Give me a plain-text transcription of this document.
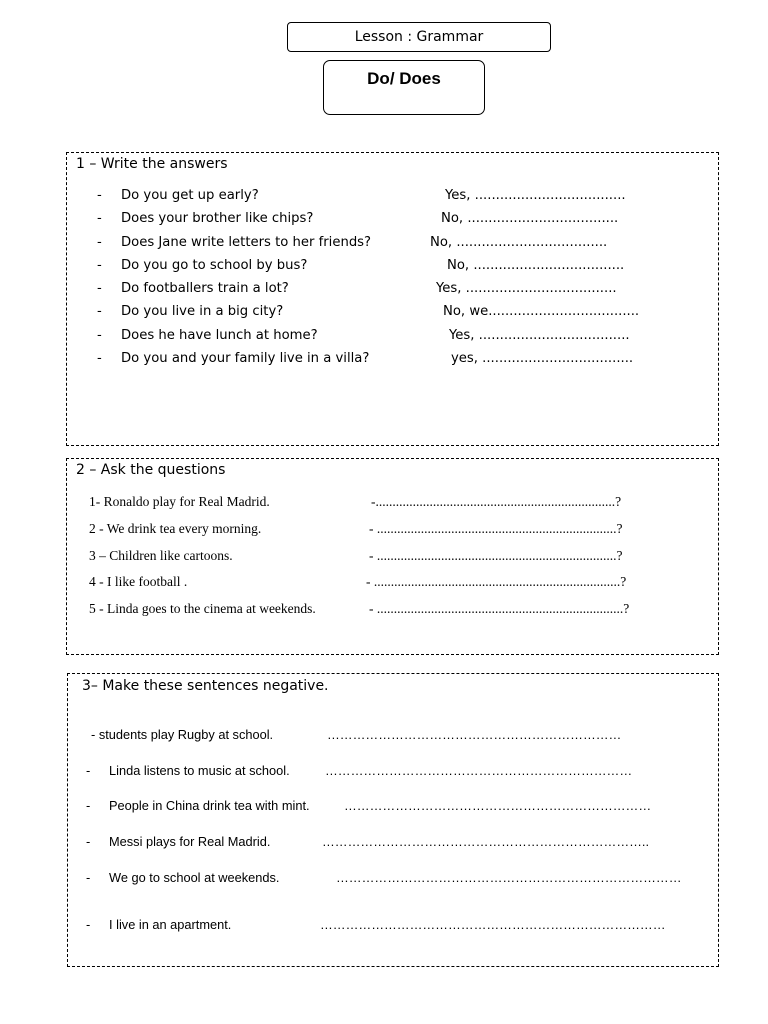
Lesson : Grammar
Do/ Does
1 – Write the answers
- Do you get up early?	Yes, ....................................
- Does your brother like chips?	No, ....................................
- Does Jane write letters to her friends?	No, ....................................
- Do you go to school by bus?	No, ....................................
- Do footballers train a lot?	Yes, ....................................
- Do you live in a big city?	No, we....................................
- Does he have lunch at home?	Yes, ....................................
- Do you and your family live in a villa?	yes, ....................................
2 – Ask the questions
1- Ronaldo play for Real Madrid.	-.......................................................................?
2 - We drink tea every morning.	- .......................................................................?
3 – Children like cartoons.	- .......................................................................?
4 - I like football .	- .........................................................................?
5 - Linda goes to the cinema at weekends.	- .........................................................................?
3– Make these sentences negative.
- students play Rugby at school.	……………………………………………………………
- Linda listens to music at school.	………………………………………………………………
- People in China drink tea with mint.	………………………………………………………………
- Messi plays for Real Madrid.	…………………………………………………………………..
- We go to school at weekends.	………………………………………………………………………
- I live in an apartment.	………………………………………………………………………
